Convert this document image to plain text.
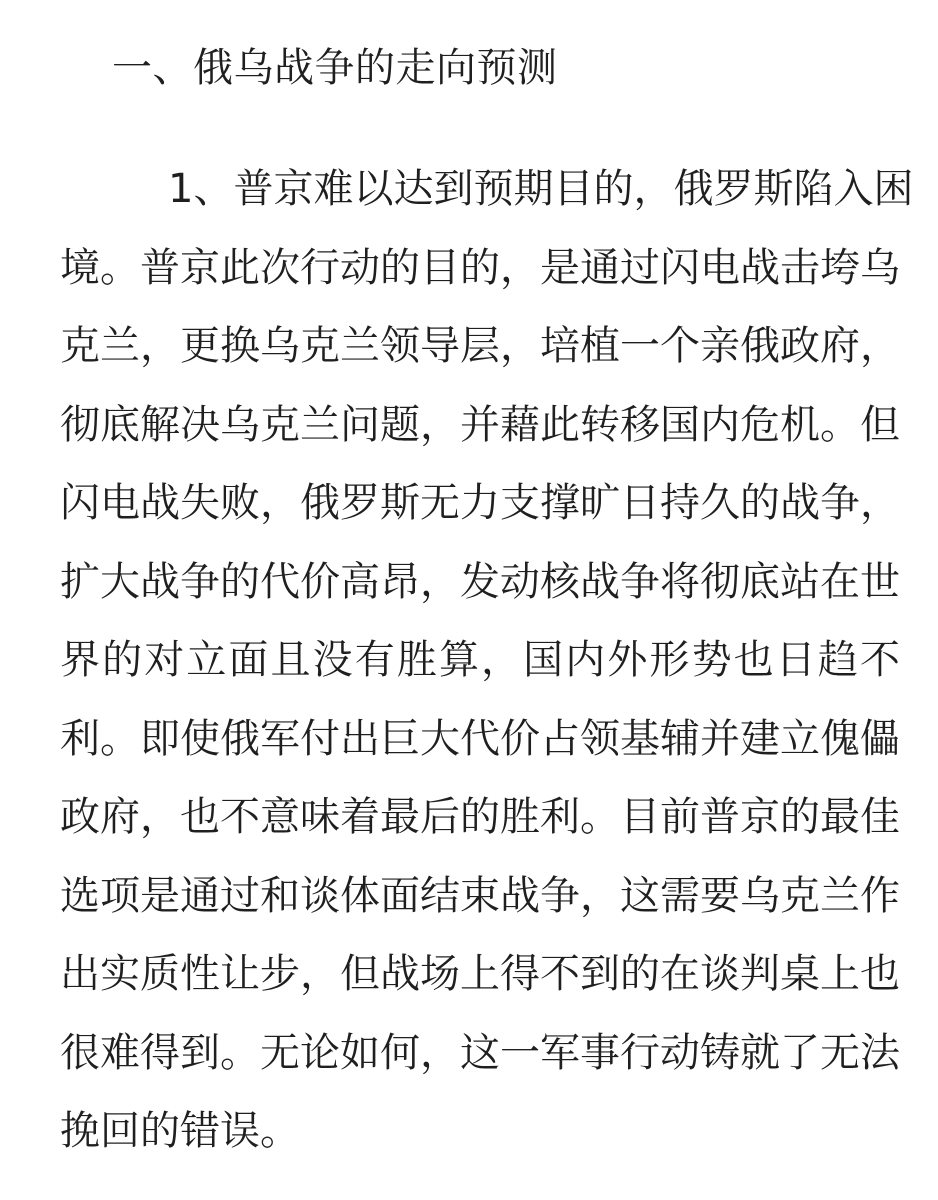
一、俄乌战争的走向预测
1、普京难以达到预期目的，俄罗斯陷入困
境。普京此次行动的目的，是通过闪电战击垮乌
克兰，更换乌克兰领导层，培植一个亲俄政府，
彻底解决乌克兰问题，并藉此转移国内危机。但
闪电战失败，俄罗斯无力支撑旷日持久的战争，
扩大战争的代价高昂，发动核战争将彻底站在世
界的对立面且没有胜算，国内外形势也日趋不
利。即使俄军付出巨大代价占领基辅并建立傀儡
政府，也不意味着最后的胜利。目前普京的最佳
选项是通过和谈体面结束战争，这需要乌克兰作
出实质性让步，但战场上得不到的在谈判桌上也
很难得到。无论如何，这一军事行动铸就了无法
挽回的错误。
